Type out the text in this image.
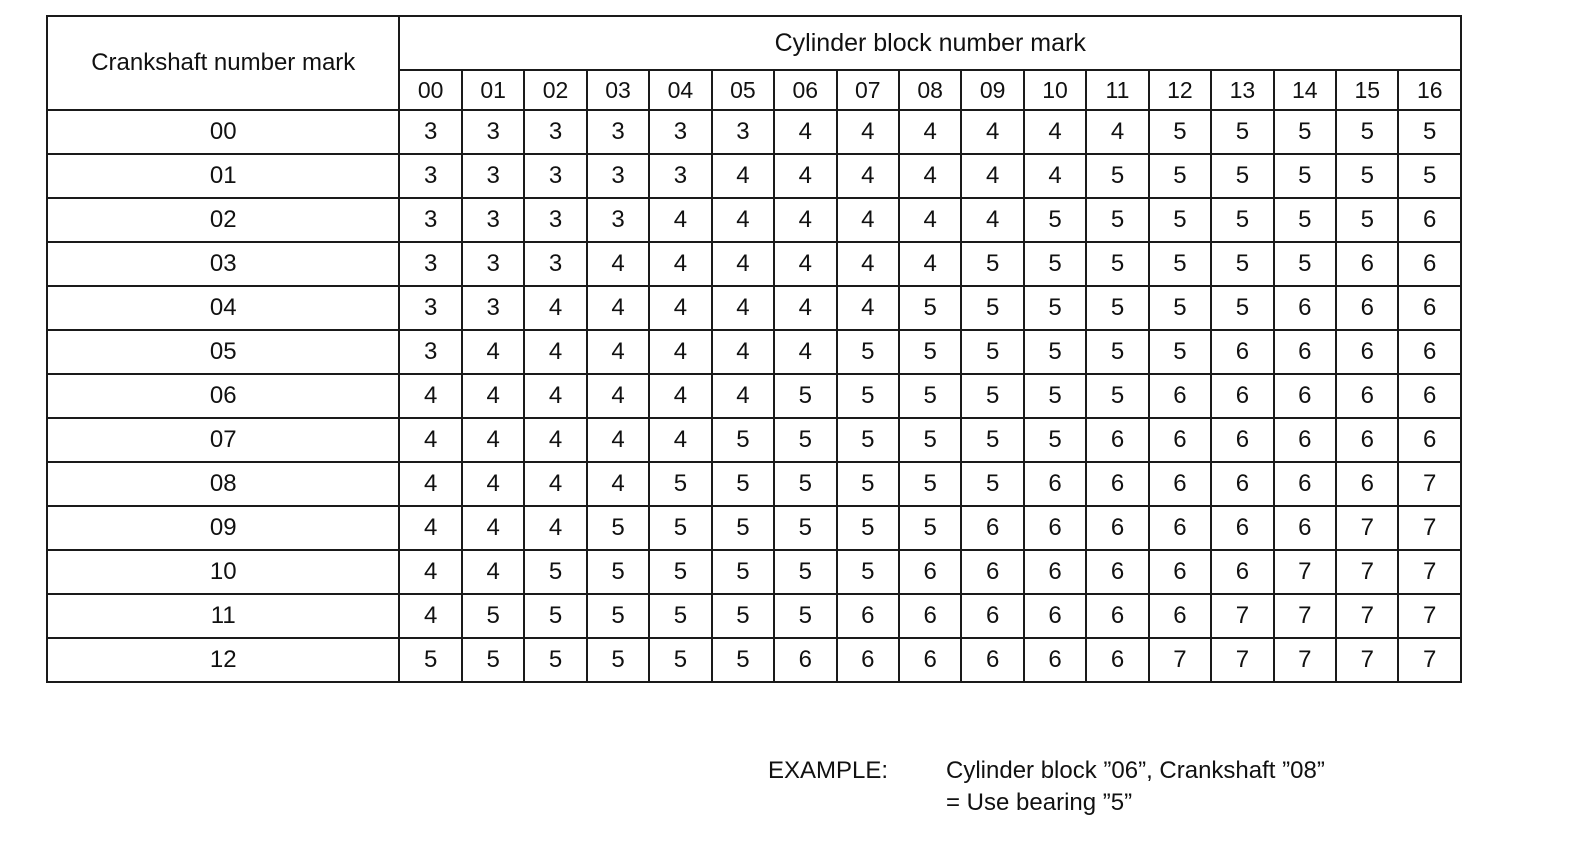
Crankshaft number mark	Cylinder block number mark																
	00	01	02	03	04	05	06	07	08	09	10	11	12	13	14	15	16
00	3	3	3	3	3	3	4	4	4	4	4	4	5	5	5	5	5
01	3	3	3	3	3	4	4	4	4	4	4	5	5	5	5	5	5
02	3	3	3	3	4	4	4	4	4	4	5	5	5	5	5	5	6
03	3	3	3	4	4	4	4	4	4	5	5	5	5	5	5	6	6
04	3	3	4	4	4	4	4	4	5	5	5	5	5	5	6	6	6
05	3	4	4	4	4	4	4	5	5	5	5	5	5	6	6	6	6
06	4	4	4	4	4	4	5	5	5	5	5	5	6	6	6	6	6
07	4	4	4	4	4	5	5	5	5	5	5	6	6	6	6	6	6
08	4	4	4	4	5	5	5	5	5	5	6	6	6	6	6	6	7
09	4	4	4	5	5	5	5	5	5	6	6	6	6	6	6	7	7
10	4	4	5	5	5	5	5	5	6	6	6	6	6	6	7	7	7
11	4	5	5	5	5	5	5	6	6	6	6	6	6	7	7	7	7
12	5	5	5	5	5	5	6	6	6	6	6	6	7	7	7	7	7
EXAMPLE: Cylinder block ”06”, Crankshaft ”08”
= Use bearing ”5”
